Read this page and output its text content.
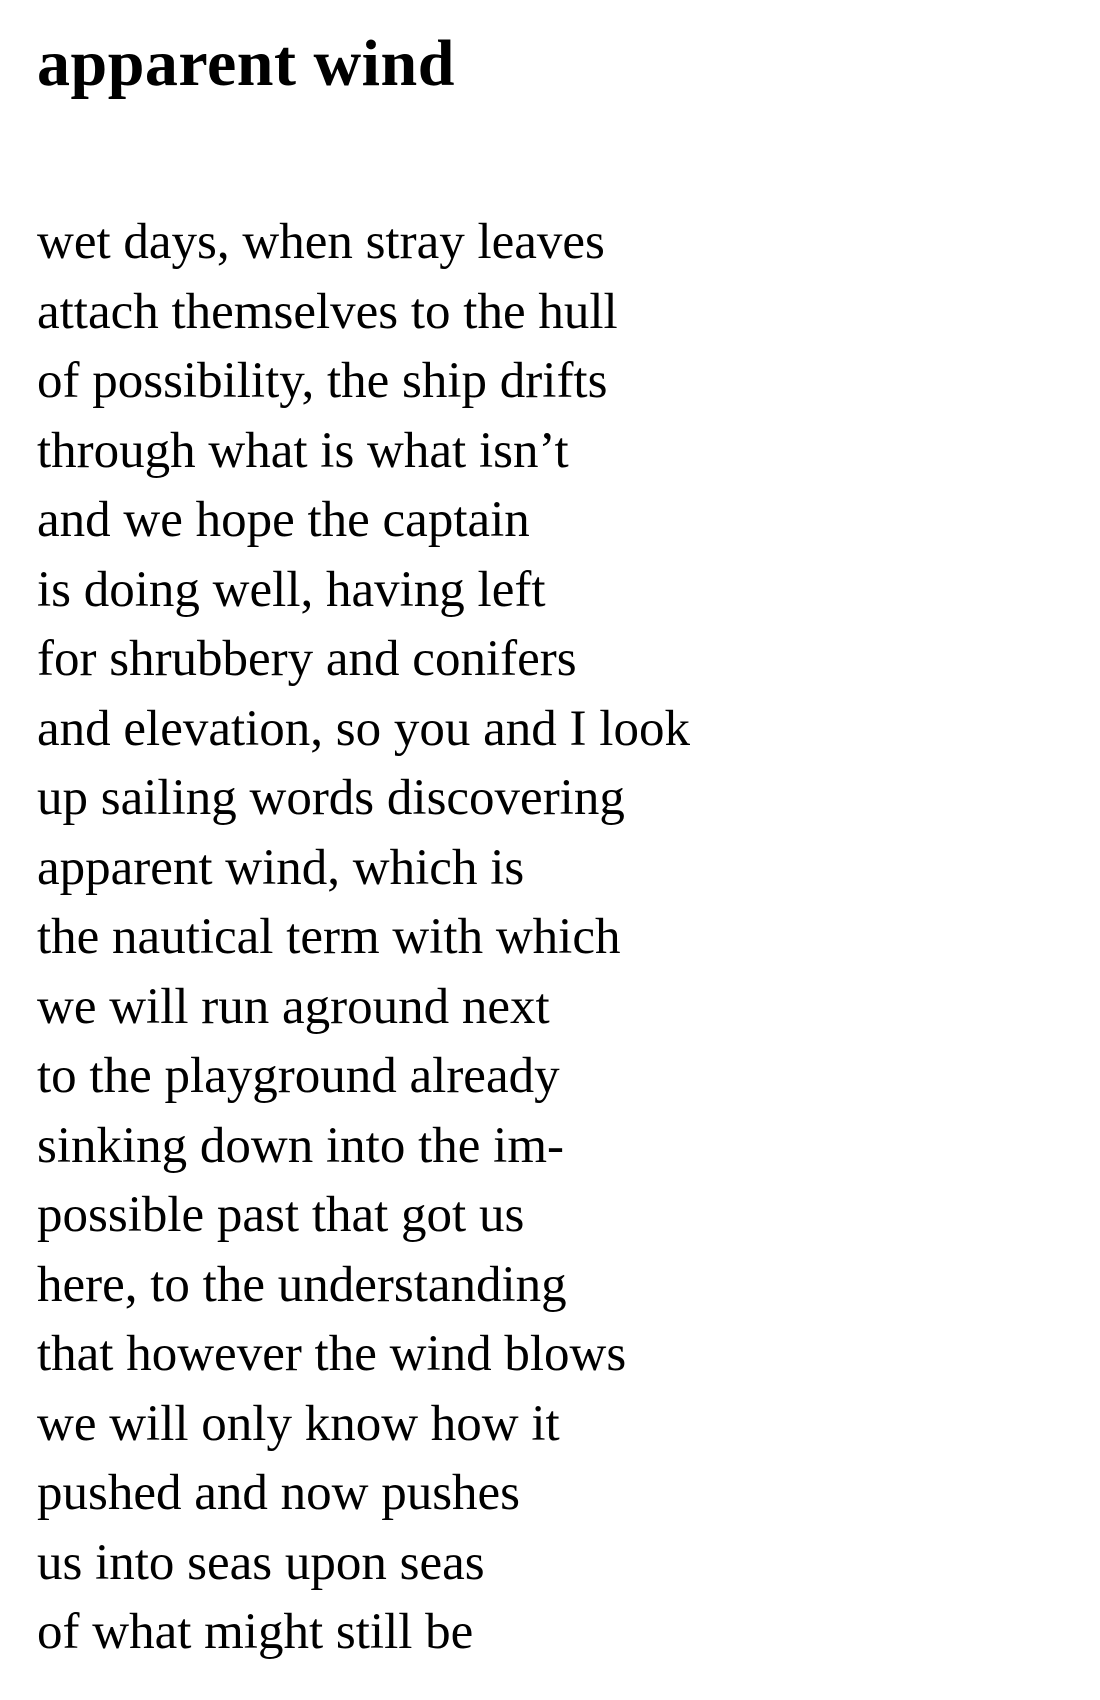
apparent wind
wet days, when stray leaves
attach themselves to the hull
of possibility, the ship drifts
through what is what isn’t
and we hope the captain
is doing well, having left
for shrubbery and conifers
and elevation, so you and I look
up sailing words discovering
apparent wind, which is
the nautical term with which
we will run aground next
to the playground already
sinking down into the im-
possible past that got us
here, to the understanding
that however the wind blows
we will only know how it
pushed and now pushes
us into seas upon seas
of what might still be
